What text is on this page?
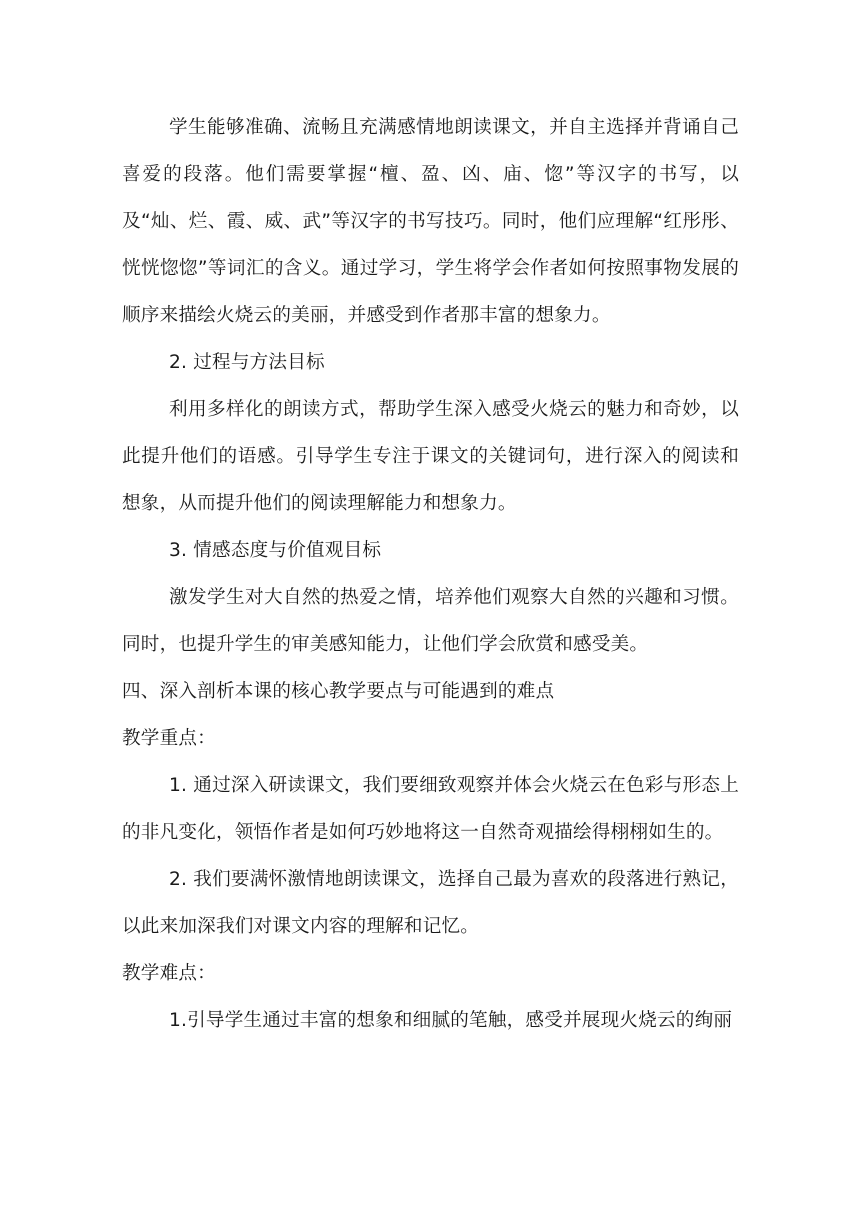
学生能够准确、流畅且充满感情地朗读课文，并自主选择并背诵自己喜爱的段落。他们需要掌握“檀、盈、凶、庙、惚”等汉字的书写，以及“灿、烂、霞、威、武”等汉字的书写技巧。同时，他们应理解“红彤彤、恍恍惚惚”等词汇的含义。通过学习，学生将学会作者如何按照事物发展的顺序来描绘火烧云的美丽，并感受到作者那丰富的想象力。

2. 过程与方法目标

利用多样化的朗读方式，帮助学生深入感受火烧云的魅力和奇妙，以此提升他们的语感。引导学生专注于课文的关键词句，进行深入的阅读和想象，从而提升他们的阅读理解能力和想象力。

3. 情感态度与价值观目标

激发学生对大自然的热爱之情，培养他们观察大自然的兴趣和习惯。同时，也提升学生的审美感知能力，让他们学会欣赏和感受美。

四、深入剖析本课的核心教学要点与可能遇到的难点

教学重点：

1. 通过深入研读课文，我们要细致观察并体会火烧云在色彩与形态上的非凡变化，领悟作者是如何巧妙地将这一自然奇观描绘得栩栩如生的。

2. 我们要满怀激情地朗读课文，选择自己最为喜欢的段落进行熟记，以此来加深我们对课文内容的理解和记忆。

教学难点：

1.引导学生通过丰富的想象和细腻的笔触，感受并展现火烧云的绚丽
